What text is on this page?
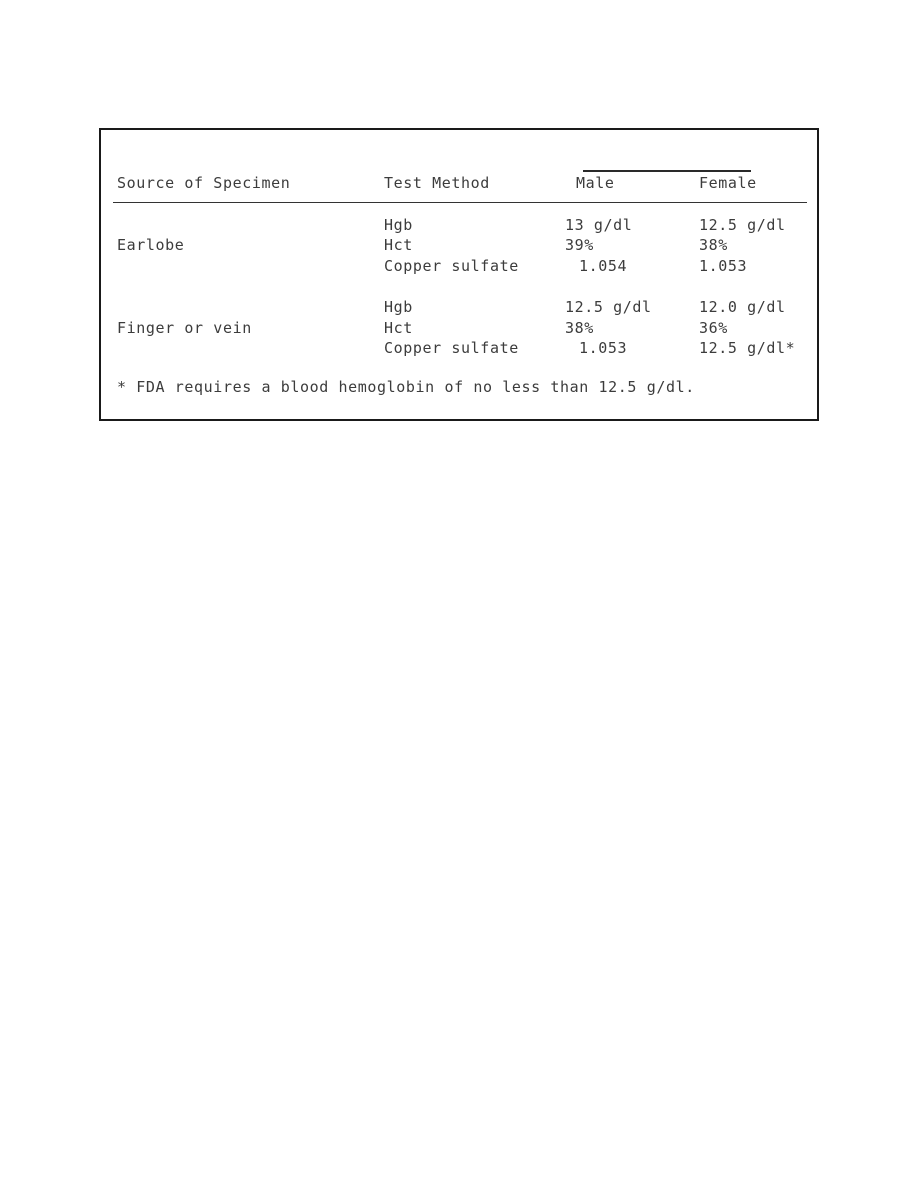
Source of Specimen	Test Method	Male	Female
Earlobe
Hgb	13 g/dl	12.5 g/dl
Hct	39%	38%
Copper sulfate	1.054	1.053
Finger or vein
Hgb	12.5 g/dl	12.0 g/dl
Hct	38%	36%
Copper sulfate	1.053	12.5 g/dl*
* FDA requires a blood hemoglobin of no less than 12.5 g/dl.
